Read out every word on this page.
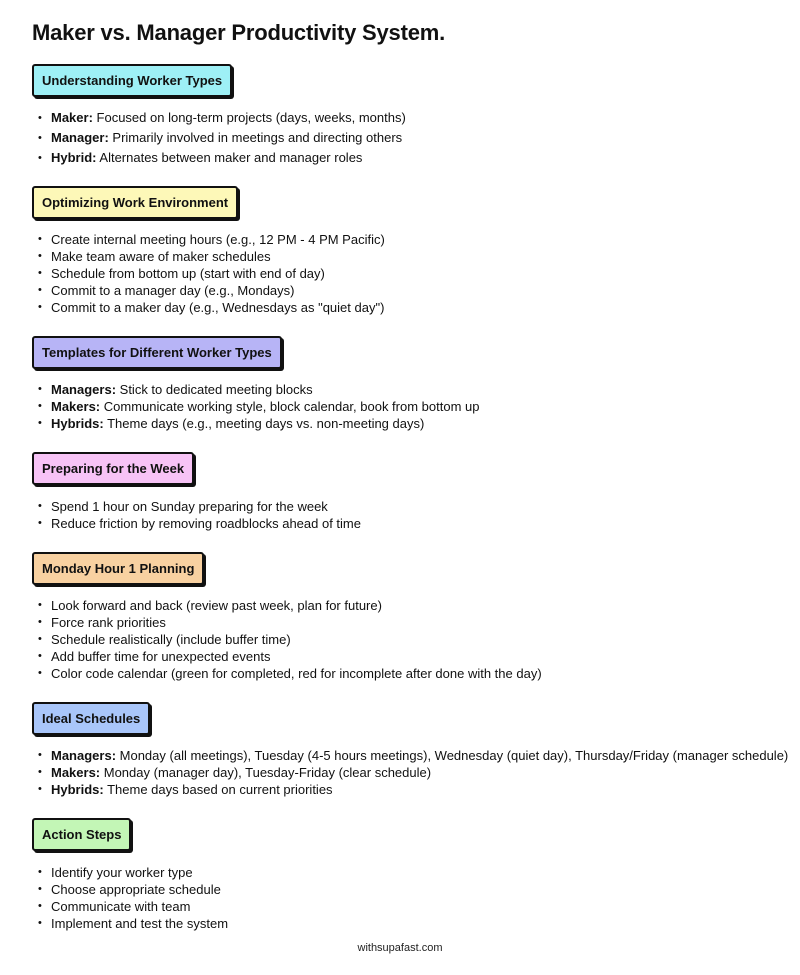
Maker vs. Manager Productivity System.
Understanding Worker Types
• Maker: Focused on long-term projects (days, weeks, months)
• Manager: Primarily involved in meetings and directing others
• Hybrid: Alternates between maker and manager roles
Optimizing Work Environment
• Create internal meeting hours (e.g., 12 PM - 4 PM Pacific)
• Make team aware of maker schedules
• Schedule from bottom up (start with end of day)
• Commit to a manager day (e.g., Mondays)
• Commit to a maker day (e.g., Wednesdays as "quiet day")
Templates for Different Worker Types
• Managers: Stick to dedicated meeting blocks
• Makers: Communicate working style, block calendar, book from bottom up
• Hybrids: Theme days (e.g., meeting days vs. non-meeting days)
Preparing for the Week
• Spend 1 hour on Sunday preparing for the week
• Reduce friction by removing roadblocks ahead of time
Monday Hour 1 Planning
• Look forward and back (review past week, plan for future)
• Force rank priorities
• Schedule realistically (include buffer time)
• Add buffer time for unexpected events
• Color code calendar (green for completed, red for incomplete after done with the day)
Ideal Schedules
• Managers: Monday (all meetings), Tuesday (4-5 hours meetings), Wednesday (quiet day), Thursday/Friday (manager schedule)
• Makers: Monday (manager day), Tuesday-Friday (clear schedule)
• Hybrids: Theme days based on current priorities
Action Steps
• Identify your worker type
• Choose appropriate schedule
• Communicate with team
• Implement and test the system
withsupafast.com
